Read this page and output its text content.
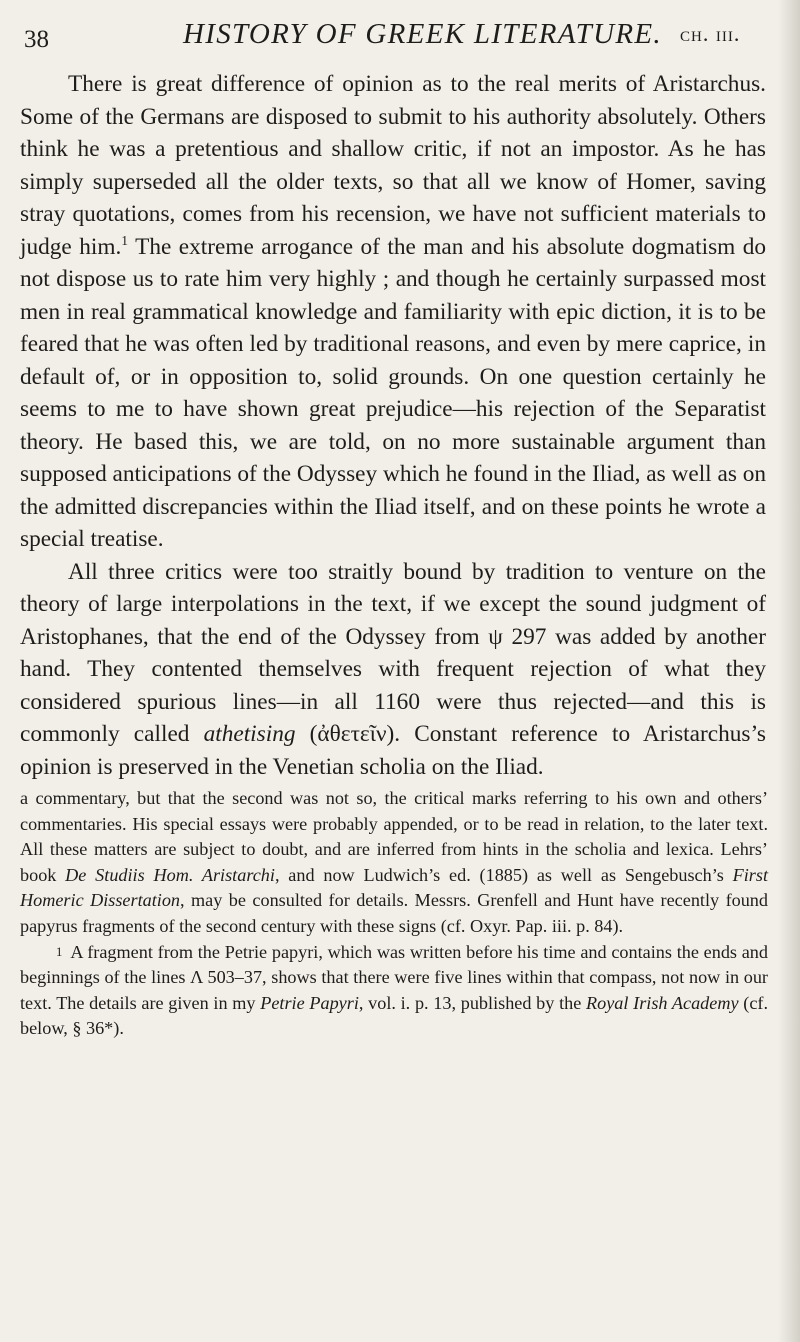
38	HISTORY OF GREEK LITERATURE. ch. iii.

There is great difference of opinion as to the real merits of Aristarchus. Some of the Germans are disposed to submit to his authority absolutely. Others think he was a pretentious and shallow critic, if not an impostor. As he has simply superseded all the older texts, so that all we know of Homer, saving stray quotations, comes from his recension, we have not sufficient materials to judge him.$^1$ The extreme arrogance of the man and his absolute dogmatism do not dispose us to rate him very highly ; and though he certainly surpassed most men in real grammatical knowledge and familiarity with epic diction, it is to be feared that he was often led by traditional reasons, and even by mere caprice, in default of, or in opposition to, solid grounds. On one question certainly he seems to me to have shown great prejudice—his rejection of the Separatist theory. He based this, we are told, on no more sustainable argument than supposed anticipations of the Odyssey which he found in the Iliad, as well as on the admitted discrepancies within the Iliad itself, and on these points he wrote a special treatise.

All three critics were too straitly bound by tradition to venture on the theory of large interpolations in the text, if we except the sound judgment of Aristophanes, that the end of the Odyssey from ψ 297 was added by another hand. They contented themselves with frequent rejection of what they considered spurious lines—in all 1160 were thus rejected—and this is commonly called athetising (ἀθετεῖν). Constant reference to Aristarchus’s opinion is preserved in the Venetian scholia on the Iliad.

a commentary, but that the second was not so, the critical marks referring to his own and others’ commentaries. His special essays were probably appended, or to be read in relation, to the later text. All these matters are subject to doubt, and are inferred from hints in the scholia and lexica. Lehrs’ book De Studiis Hom. Aristarchi, and now Ludwich’s ed. (1885) as well as Sengebusch’s First Homeric Dissertation, may be consulted for details. Messrs. Grenfell and Hunt have recently found papyrus fragments of the second century with these signs (cf. Oxyr. Pap. iii. p. 84).

1 A fragment from the Petrie papyri, which was written before his time and contains the ends and beginnings of the lines Λ 503–37, shows that there were five lines within that compass, not now in our text. The details are given in my Petrie Papyri, vol. i. p. 13, published by the Royal Irish Academy (cf. below, § 36*).
